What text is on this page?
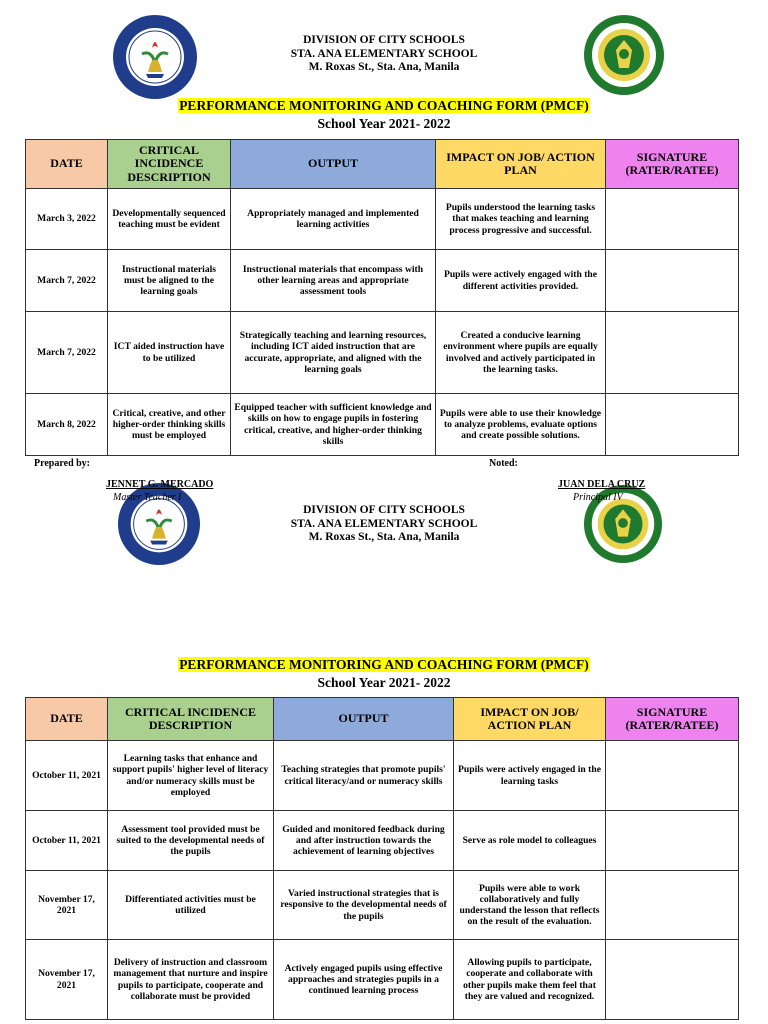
DIVISION OF CITY SCHOOLS
STA. ANA ELEMENTARY SCHOOL
M. Roxas St., Sta. Ana, Manila
PERFORMANCE MONITORING AND COACHING FORM (PMCF)
School Year 2021- 2022
DATE	CRITICAL INCIDENCE DESCRIPTION	OUTPUT	IMPACT ON JOB/ ACTION PLAN	SIGNATURE (RATER/RATEE)
March 3, 2022	Developmentally sequenced teaching must be evident	Appropriately managed and implemented learning activities	Pupils understood the learning tasks that makes teaching and learning process progressive and successful.	
March 7, 2022	Instructional materials must be aligned to the learning goals	Instructional materials that encompass with other learning areas and appropriate assessment tools	Pupils were actively engaged with the different activities provided.	
March 7, 2022	ICT aided instruction have to be utilized	Strategically teaching and learning resources, including ICT aided instruction that are accurate, appropriate, and aligned with the learning goals	Created a conducive learning environment where pupils are equally involved and actively participated in the learning tasks.	
March 8, 2022	Critical, creative, and other higher-order thinking skills must be employed	Equipped teacher with sufficient knowledge and skills on how to engage pupils in fostering critical, creative, and higher-order thinking skills	Pupils were able to use their knowledge to analyze problems, evaluate options and create possible solutions.	
Prepared by:	Noted:
JENNET G. MERCADO
Master Teacher I
JUAN DELA CRUZ
Principal IV
DIVISION OF CITY SCHOOLS
STA. ANA ELEMENTARY SCHOOL
M. Roxas St., Sta. Ana, Manila
PERFORMANCE MONITORING AND COACHING FORM (PMCF)
School Year 2021- 2022
DATE	CRITICAL INCIDENCE DESCRIPTION	OUTPUT	IMPACT ON JOB/ ACTION PLAN	SIGNATURE (RATER/RATEE)
October 11, 2021	Learning tasks that enhance and support pupils' higher level of literacy and/or numeracy skills must be employed	Teaching strategies that promote pupils' critical literacy/and or numeracy skills	Pupils were actively engaged in the learning tasks	
October 11, 2021	Assessment tool provided must be suited to the developmental needs of the pupils	Guided and monitored feedback during and after instruction towards the achievement of learning objectives	Serve as role model to colleagues	
November 17, 2021	Differentiated activities must be utilized	Varied instructional strategies that is responsive to the developmental needs of the pupils	Pupils were able to work collaboratively and fully understand the lesson that reflects on the result of the evaluation.	
November 17, 2021	Delivery of instruction and classroom management that nurture and inspire pupils to participate, cooperate and collaborate must be provided	Actively engaged pupils using effective approaches and strategies pupils in a continued learning process	Allowing pupils to participate, cooperate and collaborate with other pupils make them feel that they are valued and recognized.	
